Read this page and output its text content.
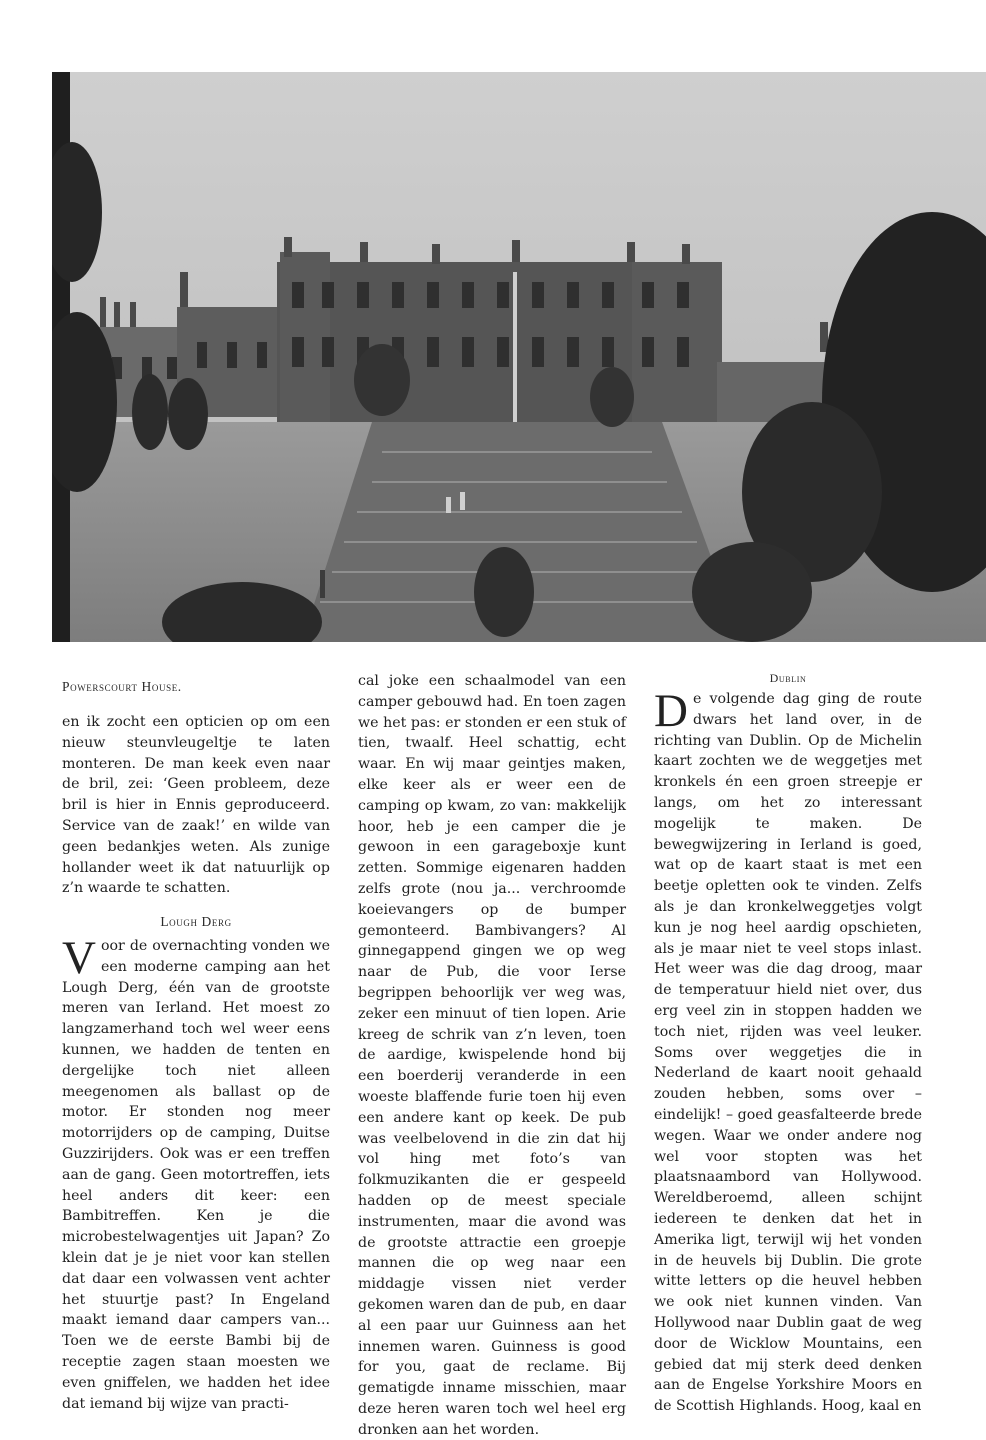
Powerscourt House.

en ik zocht een opticien op om een nieuw steunvleugeltje te laten monteren. De man keek even naar de bril, zei: ‘Geen probleem, deze bril is hier in Ennis geproduceerd. Service van de zaak!’ en wilde van geen bedankjes weten. Als zunige hollander weet ik dat natuurlijk op z’n waarde te schatten.

Lough Derg

V oor de overnachting vonden we een moderne camping aan het Lough Derg, één van de grootste meren van Ierland. Het moest zo langzamerhand toch wel weer eens kunnen, we hadden de tenten en dergelijke toch niet alleen meegenomen als ballast op de motor. Er stonden nog meer motorrijders op de camping, Duitse Guzzirijders. Ook was er een treffen aan de gang. Geen motortreffen, iets heel anders dit keer: een Bambitreffen. Ken je die microbestelwagentjes uit Japan? Zo klein dat je je niet voor kan stellen dat daar een volwassen vent achter het stuurtje past? In Engeland maakt iemand daar campers van... Toen we de eerste Bambi bij de receptie zagen staan moesten we even gniffelen, we hadden het idee dat iemand bij wijze van practi-

cal joke een schaalmodel van een camper gebouwd had. En toen zagen we het pas: er stonden er een stuk of tien, twaalf. Heel schattig, echt waar. En wij maar geintjes maken, elke keer als er weer een de camping op kwam, zo van: makkelijk hoor, heb je een camper die je gewoon in een garageboxje kunt zetten. Sommige eigenaren hadden zelfs grote (nou ja... verchroomde koeievangers op de bumper gemonteerd. Bambivangers? Al ginnegappend gingen we op weg naar de Pub, die voor Ierse begrippen behoorlijk ver weg was, zeker een minuut of tien lopen. Arie kreeg de schrik van z’n leven, toen de aardige, kwispelende hond bij een boerderij veranderde in een woeste blaffende furie toen hij even een andere kant op keek. De pub was veelbelovend in die zin dat hij vol hing met foto’s van folkmuzikanten die er gespeeld hadden op de meest speciale instrumenten, maar die avond was de grootste attractie een groepje mannen die op weg naar een middagje vissen niet verder gekomen waren dan de pub, en daar al een paar uur Guinness aan het innemen waren. Guinness is good for you, gaat de reclame. Bij gematigde inname misschien, maar deze heren waren toch wel heel erg dronken aan het worden.

Dublin

D e volgende dag ging de route dwars het land over, in de richting van Dublin. Op de Michelin kaart zochten we de weggetjes met kronkels én een groen streepje er langs, om het zo interessant mogelijk te maken. De bewegwijzering in Ierland is goed, wat op de kaart staat is met een beetje opletten ook te vinden. Zelfs als je dan kronkelweggetjes volgt kun je nog heel aardig opschieten, als je maar niet te veel stops inlast. Het weer was die dag droog, maar de temperatuur hield niet over, dus erg veel zin in stoppen hadden we toch niet, rijden was veel leuker. Soms over weggetjes die in Nederland de kaart nooit gehaald zouden hebben, soms over – eindelijk! – goed geasfalteerde brede wegen. Waar we onder andere nog wel voor stopten was het plaatsnaambord van Hollywood. Wereldberoemd, alleen schijnt iedereen te denken dat het in Amerika ligt, terwijl wij het vonden in de heuvels bij Dublin. Die grote witte letters op die heuvel hebben we ook niet kunnen vinden. Van Hollywood naar Dublin gaat de weg door de Wicklow Mountains, een gebied dat mij sterk deed denken aan de Engelse Yorkshire Moors en de Scottish Highlands. Hoog, kaal en
